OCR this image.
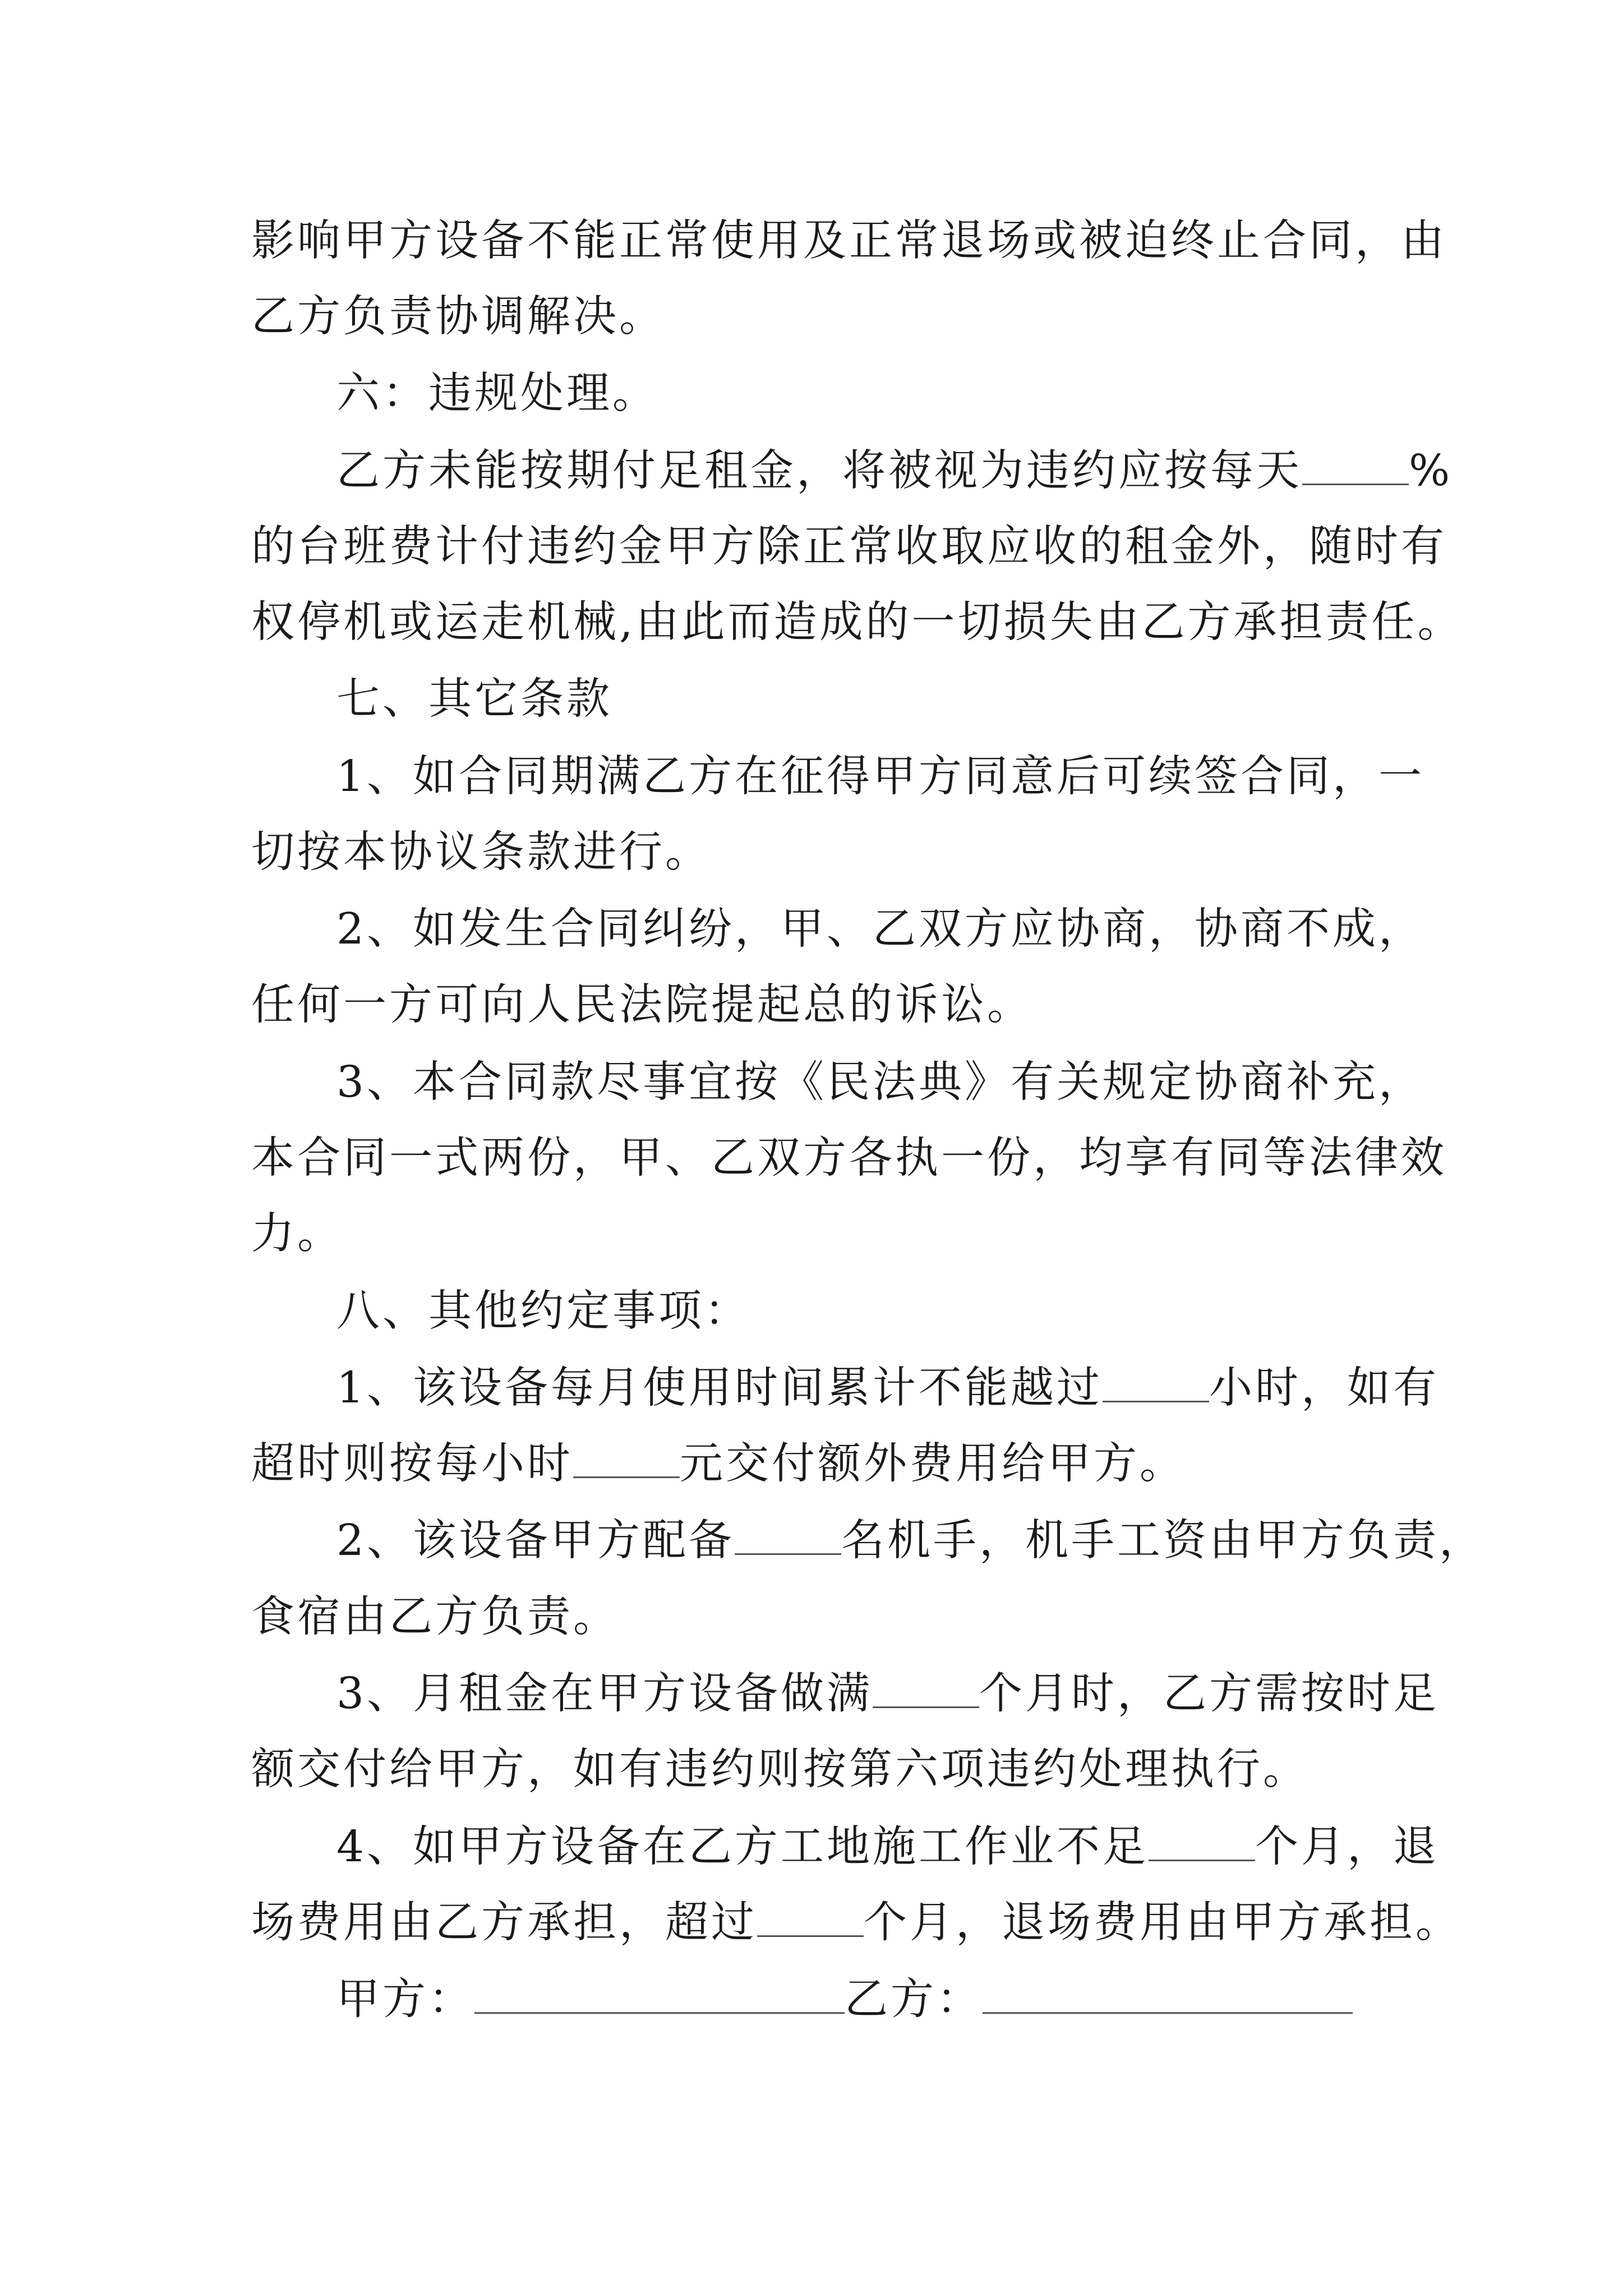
影响甲方设备不能正常使用及正常退场或被迫终止合同，由
乙方负责协调解决。
六：违规处理。
乙方未能按期付足租金，将被视为违约应按每天 %
的台班费计付违约金甲方除正常收取应收的租金外，随时有
权停机或运走机械,由此而造成的一切损失由乙方承担责任。
七、其它条款
1、如合同期满乙方在征得甲方同意后可续签合同，一
切按本协议条款进行。
2、如发生合同纠纷，甲、乙双方应协商，协商不成，
任何一方可向人民法院提起总的诉讼。
3、本合同款尽事宜按《民法典》有关规定协商补充，
本合同一式两份，甲、乙双方各执一份，均享有同等法律效
力。
八、其他约定事项：
1、该设备每月使用时间累计不能越过 小时，如有
超时则按每小时 元交付额外费用给甲方。
2、该设备甲方配备 名机手，机手工资由甲方负责，
食宿由乙方负责。
3、月租金在甲方设备做满 个月时，乙方需按时足
额交付给甲方，如有违约则按第六项违约处理执行。
4、如甲方设备在乙方工地施工作业不足 个月，退
场费用由乙方承担，超过 个月，退场费用由甲方承担。
甲方：	乙方：
